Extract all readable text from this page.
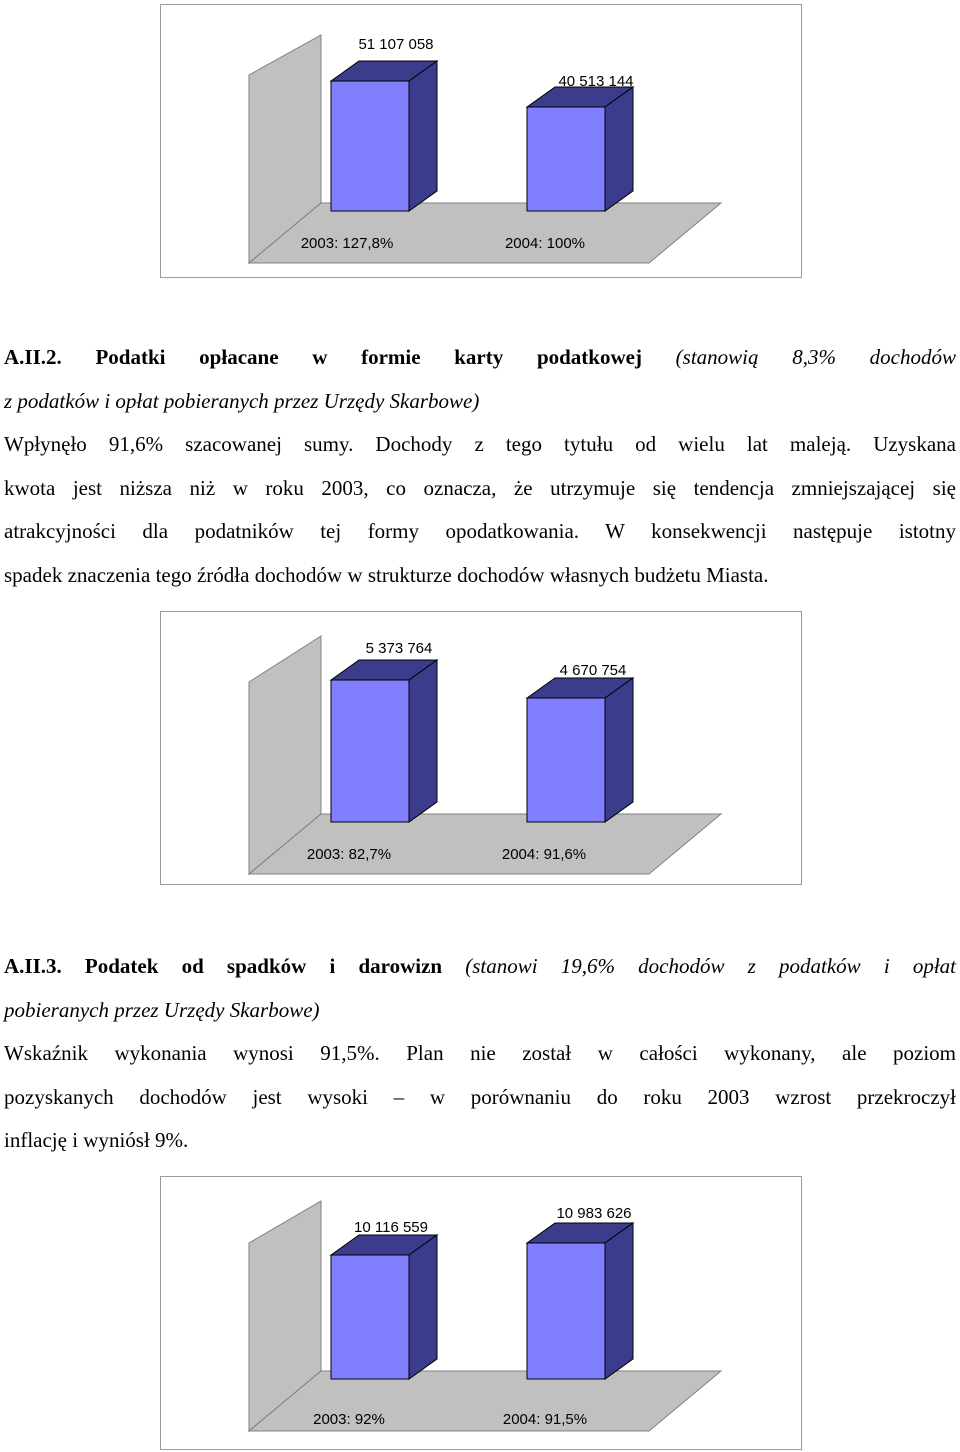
51 107 058
40 513 144
2003: 127,8%	2004: 100%
A.II.2. Podatki opłacane w formie karty podatkowej (stanowią 8,3% dochodów
z podatków i opłat pobieranych przez Urzędy Skarbowe)
Wpłynęło 91,6% szacowanej sumy. Dochody z tego tytułu od wielu lat maleją. Uzyskana
kwota jest niższa niż w roku 2003, co oznacza, że utrzymuje się tendencja zmniejszającej się
atrakcyjności dla podatników tej formy opodatkowania. W konsekwencji następuje istotny
spadek znaczenia tego źródła dochodów w strukturze dochodów własnych budżetu Miasta.
5 373 764
4 670 754
2003: 82,7%	2004: 91,6%
A.II.3. Podatek od spadków i darowizn (stanowi 19,6% dochodów z podatków i opłat
pobieranych przez Urzędy Skarbowe)
Wskaźnik wykonania wynosi 91,5%. Plan nie został w całości wykonany, ale poziom
pozyskanych dochodów jest wysoki – w porównaniu do roku 2003 wzrost przekroczył
inflację i wyniósł 9%.
10 116 559
10 983 626
2003: 92%	2004: 91,5%
